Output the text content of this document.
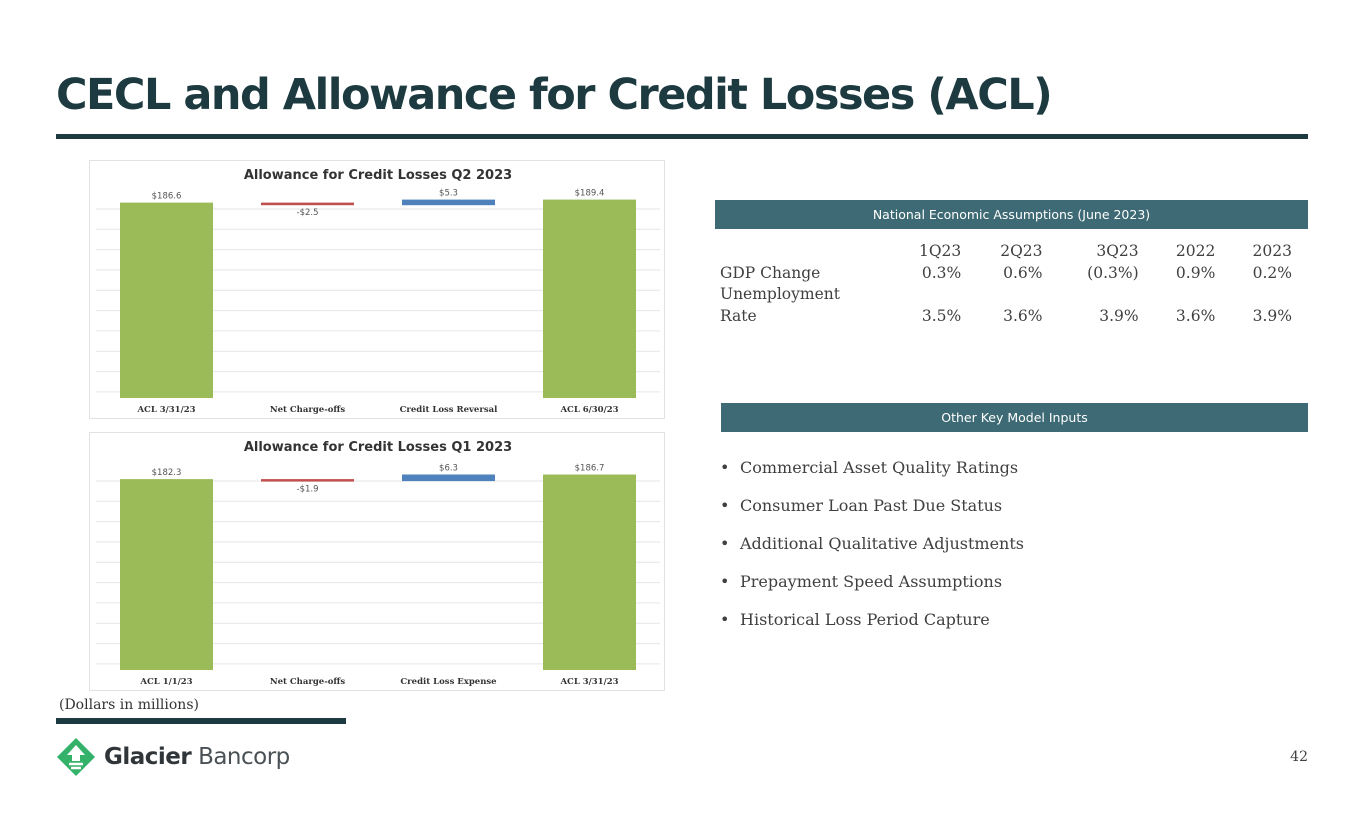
CECL and Allowance for Credit Losses (ACL)
Allowance for Credit Losses Q2 2023
$186.6
ACL 3/31/23
-$2.5
Net Charge-offs
$5.3
Credit Loss Reversal
$189.4
ACL 6/30/23
Allowance for Credit Losses Q1 2023
$182.3
ACL 1/1/23
-$1.9
Net Charge-offs
$6.3
Credit Loss Expense
$186.7
ACL 3/31/23
National Economic Assumptions (June 2023)
	1Q23	2Q23	3Q23	2022	2023
GDP Change	0.3%	0.6%	(0.3%)	0.9%	0.2%
Unemployment
Rate	3.5%	3.6%	3.9%	3.6%	3.9%
Other Key Model Inputs
• Commercial Asset Quality Ratings
• Consumer Loan Past Due Status
• Additional Qualitative Adjustments
• Prepayment Speed Assumptions
• Historical Loss Period Capture
(Dollars in millions)
Glacier Bancorp	42
